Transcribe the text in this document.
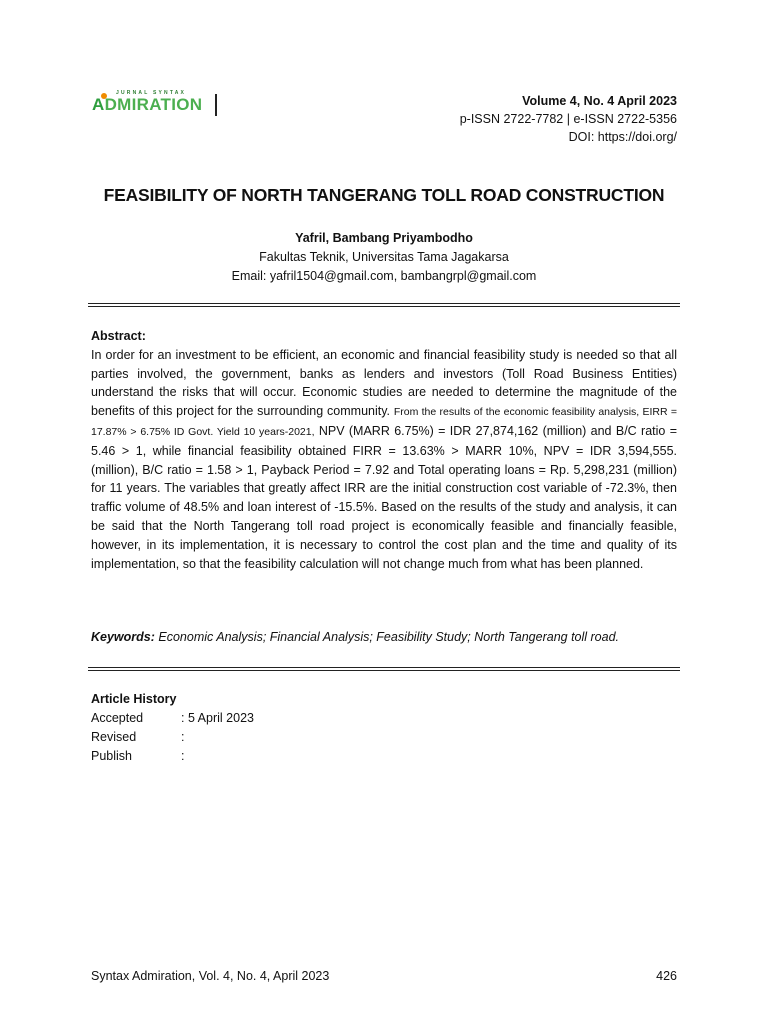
JURNAL SYNTAX
ADMIRATION	Volume 4, No. 4 April 2023
p-ISSN 2722-7782 | e-ISSN 2722-5356
DOI: https://doi.org/
FEASIBILITY OF NORTH TANGERANG TOLL ROAD CONSTRUCTION
Yafril, Bambang Priyambodho
Fakultas Teknik, Universitas Tama Jagakarsa
Email: yafril1504@gmail.com, bambangrpl@gmail.com
Abstract:
In order for an investment to be efficient, an economic and financial feasibility study is needed so that all parties involved, the government, banks as lenders and investors (Toll Road Business Entities) understand the risks that will occur. Economic studies are needed to determine the magnitude of the benefits of this project for the surrounding community. From the results of the economic feasibility analysis, EIRR = 17.87% > 6.75% ID Govt. Yield 10 years-2021, NPV (MARR 6.75%) = IDR 27,874,162 (million) and B/C ratio = 5.46 > 1, while financial feasibility obtained FIRR = 13.63% > MARR 10%, NPV = IDR 3,594,555. (million), B/C ratio = 1.58 > 1, Payback Period = 7.92 and Total operating loans = Rp. 5,298,231 (million) for 11 years. The variables that greatly affect IRR are the initial construction cost variable of -72.3%, then traffic volume of 48.5% and loan interest of -15.5%. Based on the results of the study and analysis, it can be said that the North Tangerang toll road project is economically feasible and financially feasible, however, in its implementation, it is necessary to control the cost plan and the time and quality of its implementation, so that the feasibility calculation will not change much from what has been planned.
Keywords: Economic Analysis; Financial Analysis; Feasibility Study; North Tangerang toll road.
Article History
Accepted	: 5 April 2023
Revised	:
Publish	:
Syntax Admiration, Vol. 4, No. 4, April 2023	426
